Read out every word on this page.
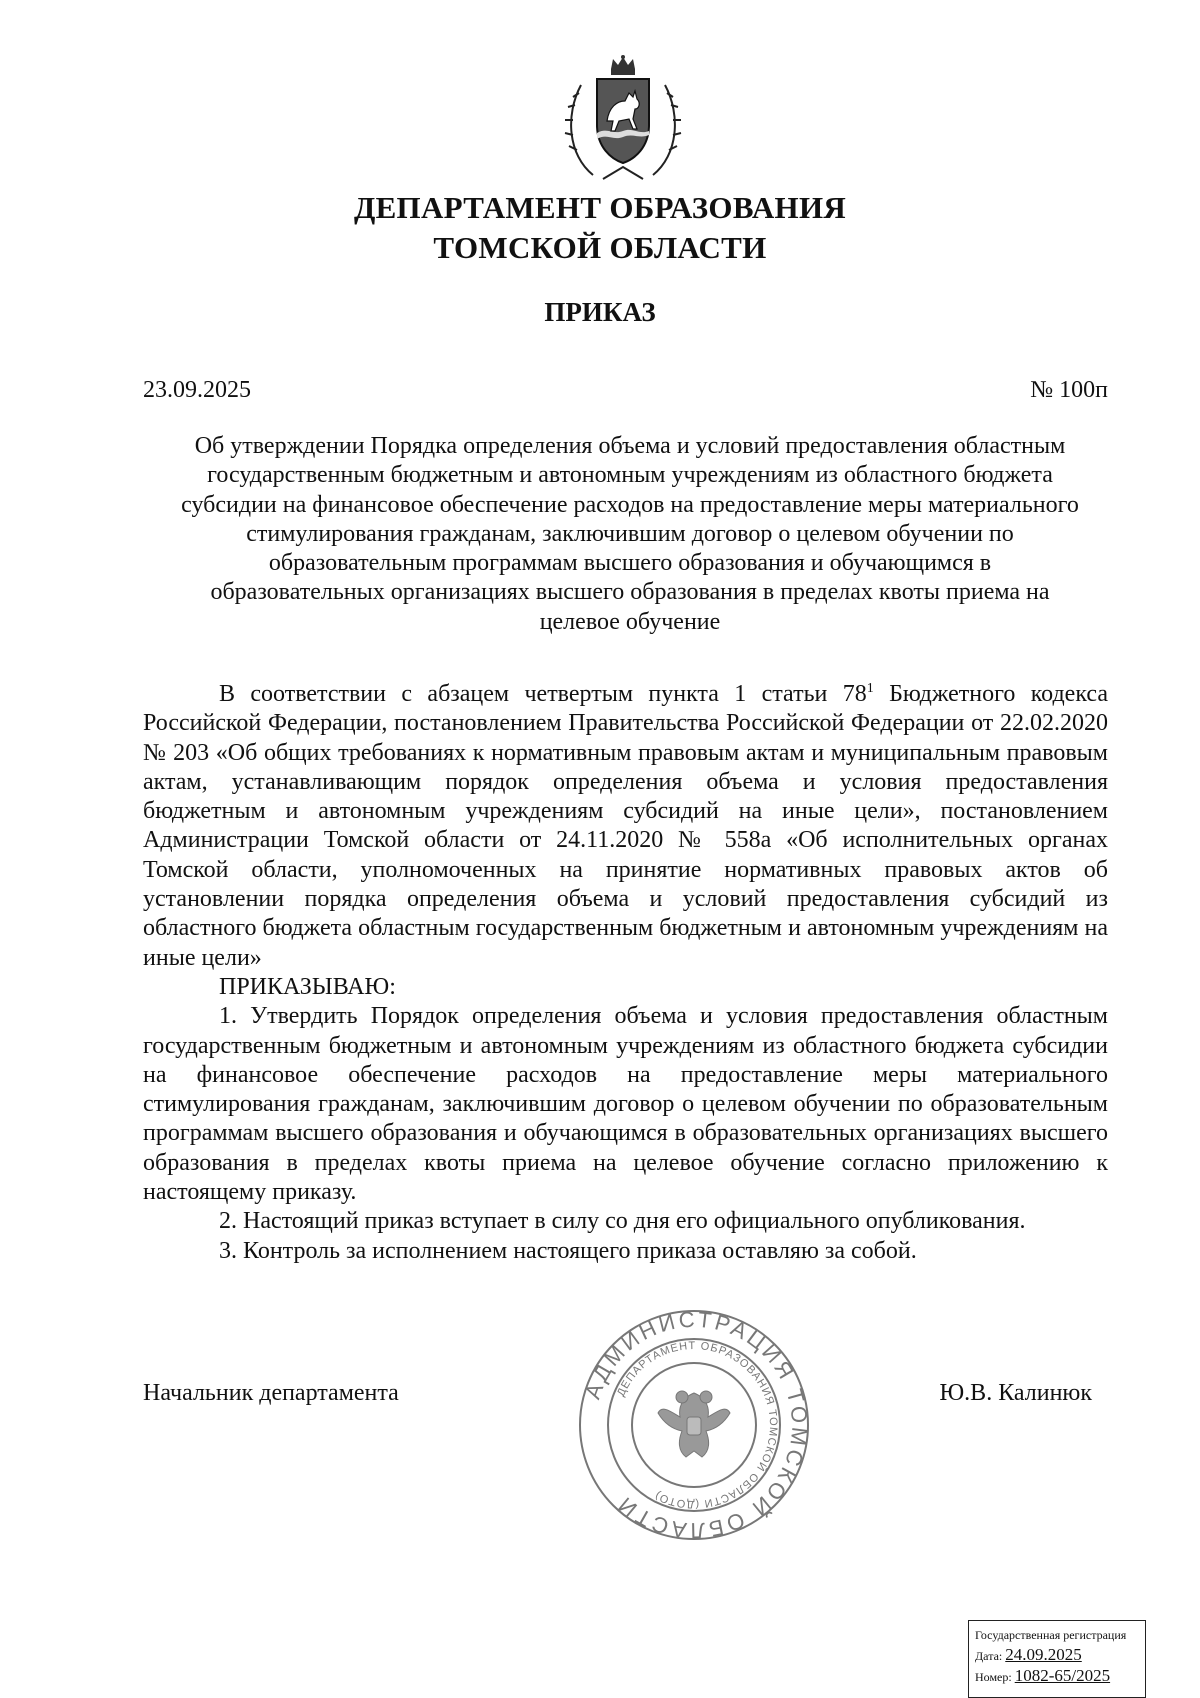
ДЕПАРТАМЕНТ ОБРАЗОВАНИЯ
ТОМСКОЙ ОБЛАСТИ
ПРИКАЗ
23.09.2025	№ 100п
Об утверждении Порядка определения объема и условий предоставления областным
государственным бюджетным и автономным учреждениям из областного бюджета
субсидии на финансовое обеспечение расходов на предоставление меры материального
стимулирования гражданам, заключившим договор о целевом обучении по
образовательным программам высшего образования и обучающимся в
образовательных организациях высшего образования в пределах квоты приема на
целевое обучение

В соответствии с абзацем четвертым пункта 1 статьи $78^1$ Бюджетного кодекса Российской Федерации, постановлением Правительства Российской Федерации от 22.02.2020 № 203 «Об общих требованиях к нормативным правовым актам и муниципальным правовым актам, устанавливающим порядок определения объема и условия предоставления бюджетным и автономным учреждениям субсидий на иные цели», постановлением Администрации Томской области от 24.11.2020 № 558а «Об исполнительных органах Томской области, уполномоченных на принятие нормативных правовых актов об установлении порядка определения объема и условий предоставления субсидий из областного бюджета областным государственным бюджетным и автономным учреждениям на иные цели»

ПРИКАЗЫВАЮ:

1. Утвердить Порядок определения объема и условия предоставления областным государственным бюджетным и автономным учреждениям из областного бюджета субсидии на финансовое обеспечение расходов на предоставление меры материального стимулирования гражданам, заключившим договор о целевом обучении по образовательным программам высшего образования и обучающимся в образовательных организациях высшего образования в пределах квоты приема на целевое обучение согласно приложению к настоящему приказу.

2. Настоящий приказ вступает в силу со дня его официального опубликования.

3. Контроль за исполнением настоящего приказа оставляю за собой.

АДМИНИСТРАЦИЯ ТОМСКОЙ ОБЛАСТИ
ДЕПАРТАМЕНТ ОБРАЗОВАНИЯ ТОМСКОЙ ОБЛАСТИ (ДОТО)
Начальник департамента	Ю.В. Калинюк
Государственная регистрация
Дата: 24.09.2025
Номер: 1082-65/2025
